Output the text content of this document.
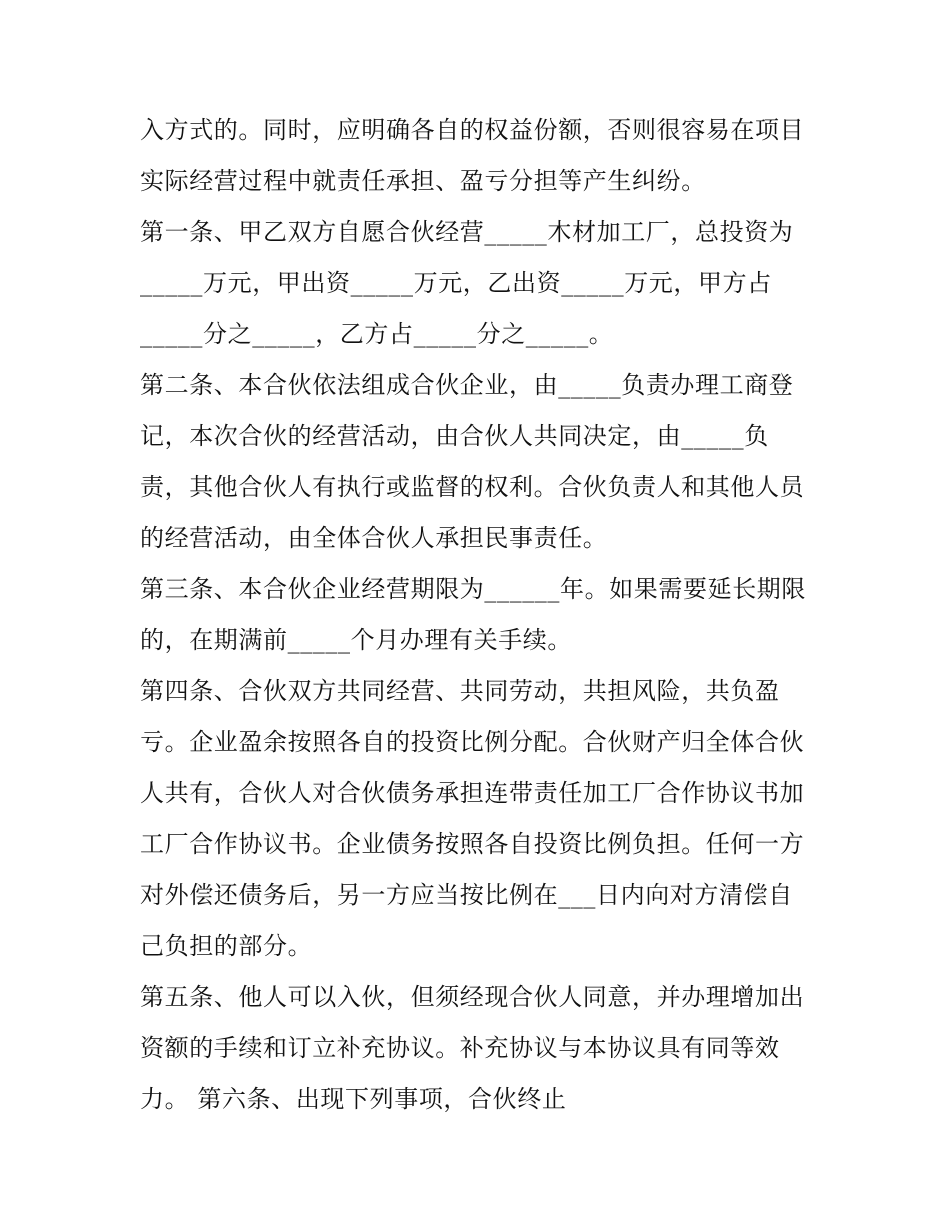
入方式的。同时，应明确各自的权益份额，否则很容易在项目
实际经营过程中就责任承担、盈亏分担等产生纠纷。
第一条、甲乙双方自愿合伙经营_____木材加工厂，总投资为
_____万元，甲出资_____万元，乙出资_____万元，甲方占
_____分之_____，乙方占_____分之_____。
第二条、本合伙依法组成合伙企业，由_____负责办理工商登
记，本次合伙的经营活动，由合伙人共同决定，由_____负
责，其他合伙人有执行或监督的权利。合伙负责人和其他人员
的经营活动，由全体合伙人承担民事责任。
第三条、本合伙企业经营期限为______年。如果需要延长期限
的，在期满前_____个月办理有关手续。
第四条、合伙双方共同经营、共同劳动，共担风险，共负盈
亏。企业盈余按照各自的投资比例分配。合伙财产归全体合伙
人共有，合伙人对合伙债务承担连带责任加工厂合作协议书加
工厂合作协议书。企业债务按照各自投资比例负担。任何一方
对外偿还债务后，另一方应当按比例在___日内向对方清偿自
己负担的部分。
第五条、他人可以入伙，但须经现合伙人同意，并办理增加出
资额的手续和订立补充协议。补充协议与本协议具有同等效
力。 第六条、出现下列事项，合伙终止
